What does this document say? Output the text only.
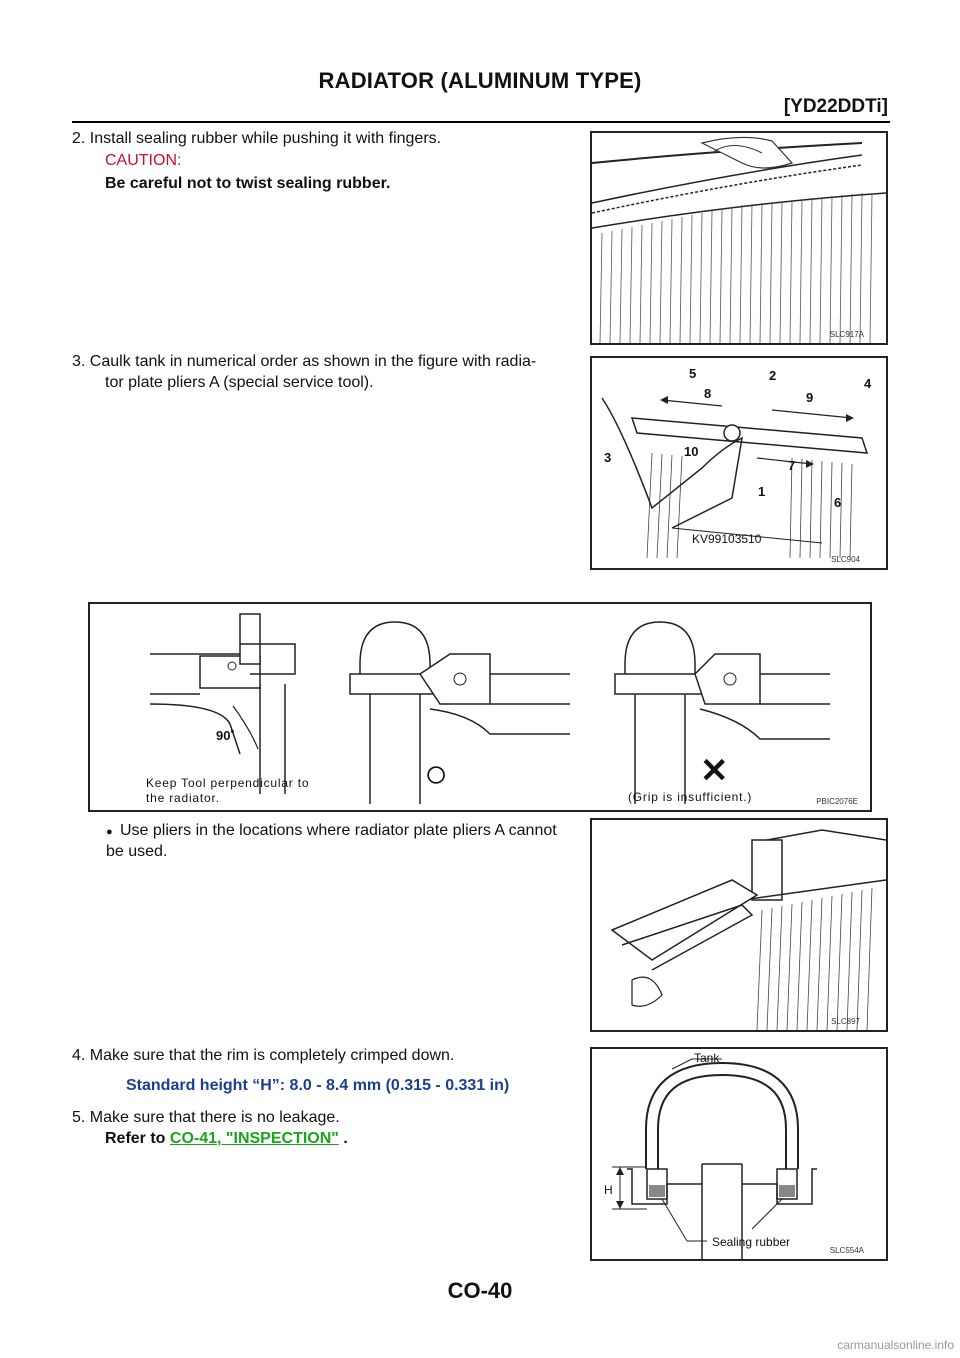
RADIATOR (ALUMINUM TYPE)
[YD22DDTi]
2. Install sealing rubber while pushing it with fingers.
CAUTION:
Be careful not to twist sealing rubber.
SLC917A
3. Caulk tank in numerical order as shown in the figure with radia-
tor plate pliers A (special service tool).
5	2
4
8	9
3	10
7
1
6
KV99103510
SLC904
90˚
Keep Tool perpendicular to
the radiator.
○	✕
(Grip is insufficient.)	PBIC2076E
● Use pliers in the locations where radiator plate pliers A cannot
be used.
SLC897
4. Make sure that the rim is completely crimped down.
Standard height “H”: 8.0 - 8.4 mm (0.315 - 0.331 in)
5. Make sure that there is no leakage.
Refer to CO-41, "INSPECTION" .
Tank
H
Sealing rubber
SLC554A
CO-40
carmanualsonline.info
